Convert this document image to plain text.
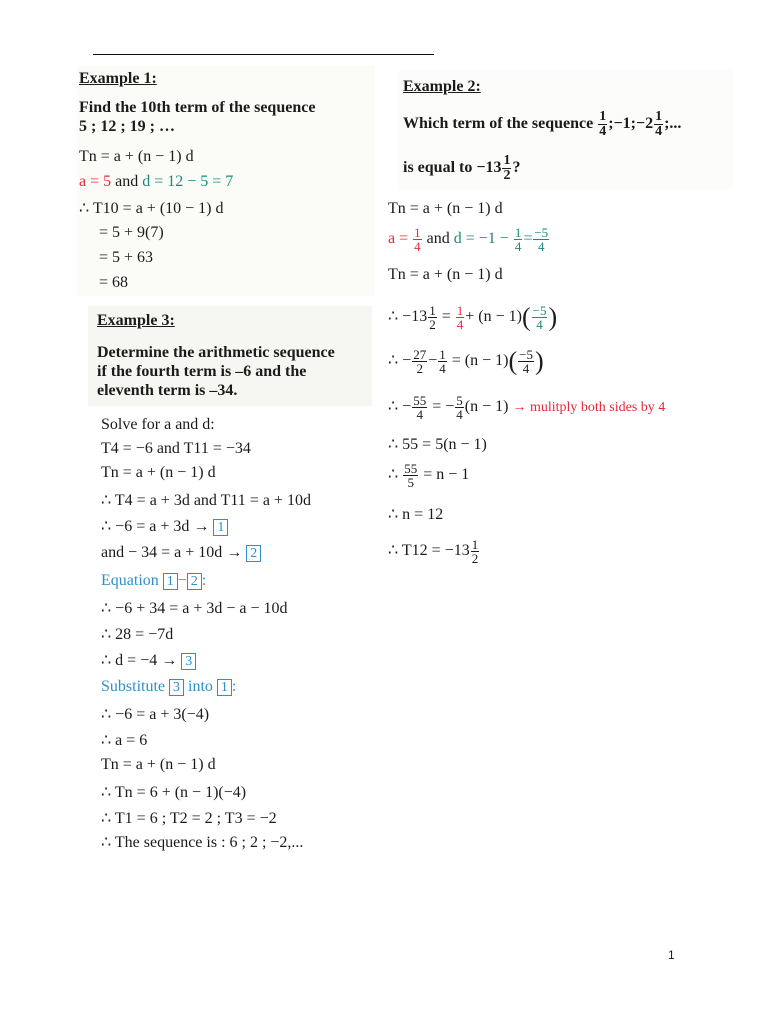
Example 1:
Find the 10th term of the sequence
5 ; 12 ; 19 ; …
Tn = a + (n − 1) d
a = 5 and d = 12 − 5 = 7
∴ T10 = a + (10 − 1) d
= 5 + 9(7)
= 5 + 63
= 68
Example 2:
Which term of the sequence $\frac{1}{4}$ ;−1;−2 $\frac{1}{4}$ ;...
is equal to $-13 \frac{1}{2}$ ?
Tn = a + (n − 1) d
$a = \frac{1}{4}$ and $d = -1 - \frac{1}{4} = \frac{-5}{4}$
Tn = a + (n − 1) d
∴ $-13 \frac{1}{2} = \frac{1}{4} + (n - 1)( \frac{-5}{4}$ )
∴ − $\frac{27}{2} - \frac{1}{4} = (n - 1)( \frac{-5}{4}$ )
∴ − $\frac{55}{4}$ = − $\frac{5}{4} (n - 1)$ → mulitply both sides by 4
∴ 55 = 5(n − 1)
∴ $\frac{55}{5} = n - 1$
∴ n = 12
∴ $T12 = -13 \frac{1}{2}$
Example 3:
Determine the arithmetic sequence
if the fourth term is –6 and the
eleventh term is –34.
Solve for a and d:
T4 = −6 and T11 = −34
Tn = a + (n − 1) d
∴ T4 = a + 3d and T11 = a + 10d
∴ −6 = a + 3d → 1
and − 34 = a + 10d → 2
Equation 1 − 2 :
∴ −6 + 34 = a + 3d − a − 10d
∴ 28 = −7d
∴ d = −4 → 3
Substitute 3 into 1 :
∴ −6 = a + 3(−4)
∴ a = 6
Tn = a + (n − 1) d
∴ Tn = 6 + (n − 1)(−4)
∴ T1 = 6 ; T2 = 2 ; T3 = −2
∴ The sequence is : 6 ; 2 ; −2,...
1
